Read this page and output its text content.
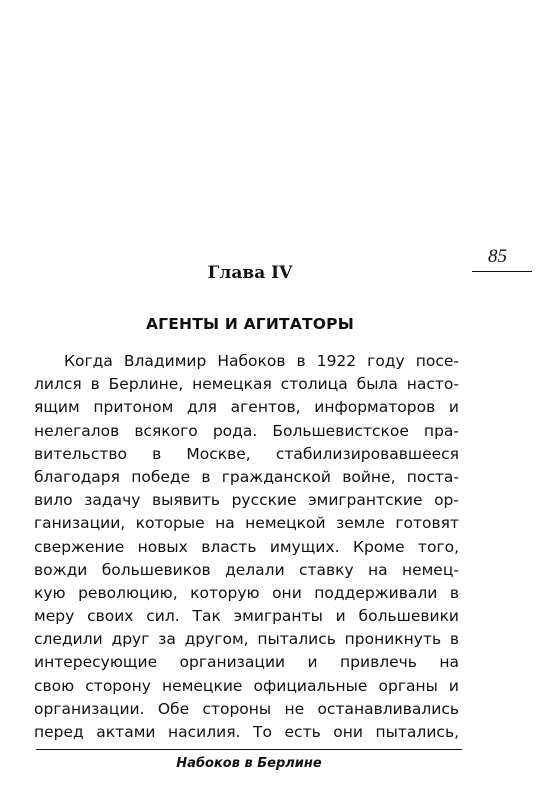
85
Глава IV
АГЕНТЫ И АГИТАТОРЫ
Когда Владимир Набоков в 1922 году посе-
лился в Берлине, немецкая столица была насто-
ящим притоном для агентов, информаторов и
нелегалов всякого рода. Большевистское пра-
вительство в Москве, стабилизировавшееся
благодаря победе в гражданской войне, поста-
вило задачу выявить русские эмигрантские ор-
ганизации, которые на немецкой земле готовят
свержение новых власть имущих. Кроме того,
вожди большевиков делали ставку на немец-
кую революцию, которую они поддерживали в
меру своих сил. Так эмигранты и большевики
следили друг за другом, пытались проникнуть в
интересующие организации и привлечь на
свою сторону немецкие официальные органы и
организации. Обе стороны не останавливались
перед актами насилия. То есть они пытались,
Набоков в Берлине
